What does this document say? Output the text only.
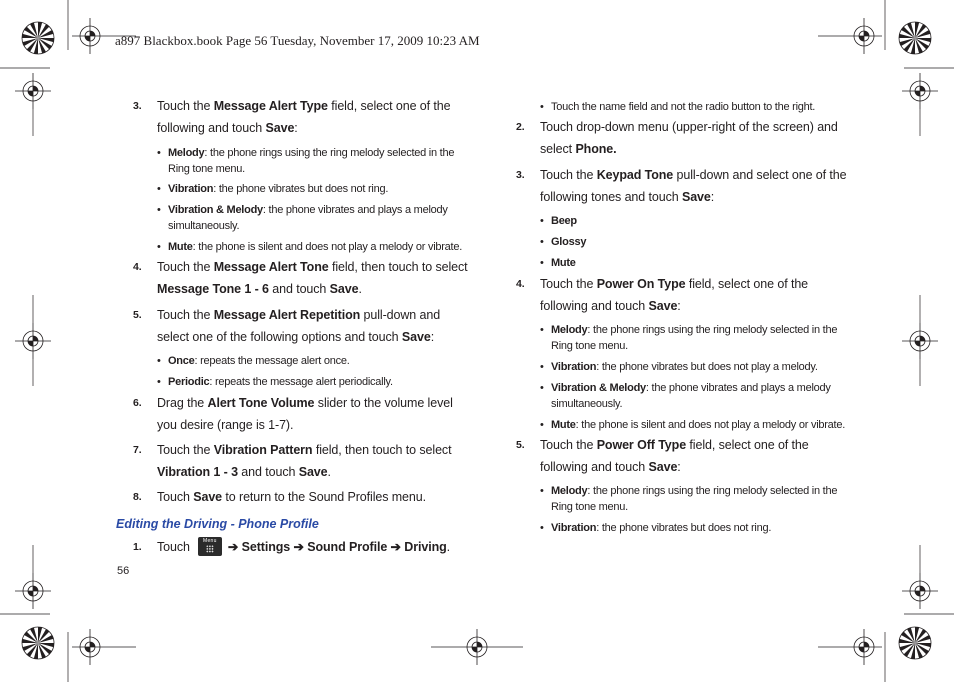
a897 Blackbox.book Page 56 Tuesday, November 17, 2009 10:23 AM
3. Touch the Message Alert Type field, select one of the following and touch Save:
• Melody: the phone rings using the ring melody selected in the Ring tone menu.
• Vibration: the phone vibrates but does not ring.
• Vibration & Melody: the phone vibrates and plays a melody simultaneously.
• Mute: the phone is silent and does not play a melody or vibrate.
4. Touch the Message Alert Tone field, then touch to select Message Tone 1 - 6 and touch Save.
5. Touch the Message Alert Repetition pull-down and select one of the following options and touch Save:
• Once: repeats the message alert once.
• Periodic: repeats the message alert periodically.
6. Drag the Alert Tone Volume slider to the volume level you desire (range is 1-7).
7. Touch the Vibration Pattern field, then touch to select Vibration 1 - 3 and touch Save.
8. Touch Save to return to the Sound Profiles menu.
1. Touch	Menu ➔ Settings ➔ Sound Profile ➔ Driving.
Editing the Driving - Phone Profile
56
• Touch the name field and not the radio button to the right.
2. Touch drop-down menu (upper-right of the screen) and select Phone.
3. Touch the Keypad Tone pull-down and select one of the following tones and touch Save:
• Beep
• Glossy
• Mute
4. Touch the Power On Type field, select one of the following and touch Save:
• Melody: the phone rings using the ring melody selected in the Ring tone menu.
• Vibration: the phone vibrates but does not play a melody.
• Vibration & Melody: the phone vibrates and plays a melody simultaneously.
• Mute: the phone is silent and does not play a melody or vibrate.
5. Touch the Power Off Type field, select one of the following and touch Save:
• Melody: the phone rings using the ring melody selected in the Ring tone menu.
• Vibration: the phone vibrates but does not ring.
